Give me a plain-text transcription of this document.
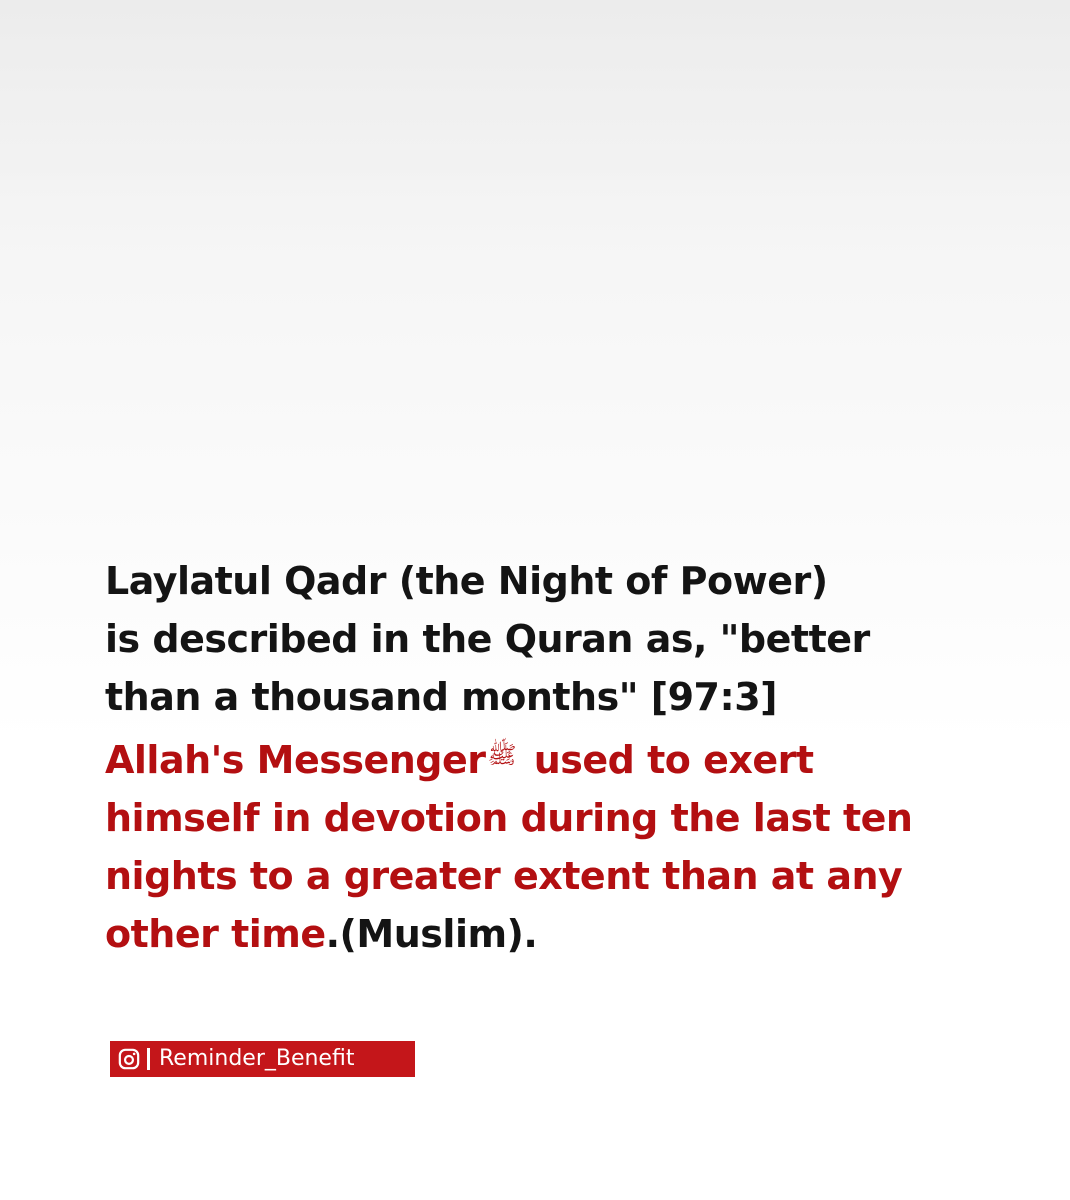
Laylatul Qadr (the Night of Power)
is described in the Quran as, "better
than a thousand months" [97:3]
Allah's Messenger$^ﷺ$ used to exert
himself in devotion during the last ten
nights to a greater extent than at any
other time.(Muslim).
Reminder_Benefit
